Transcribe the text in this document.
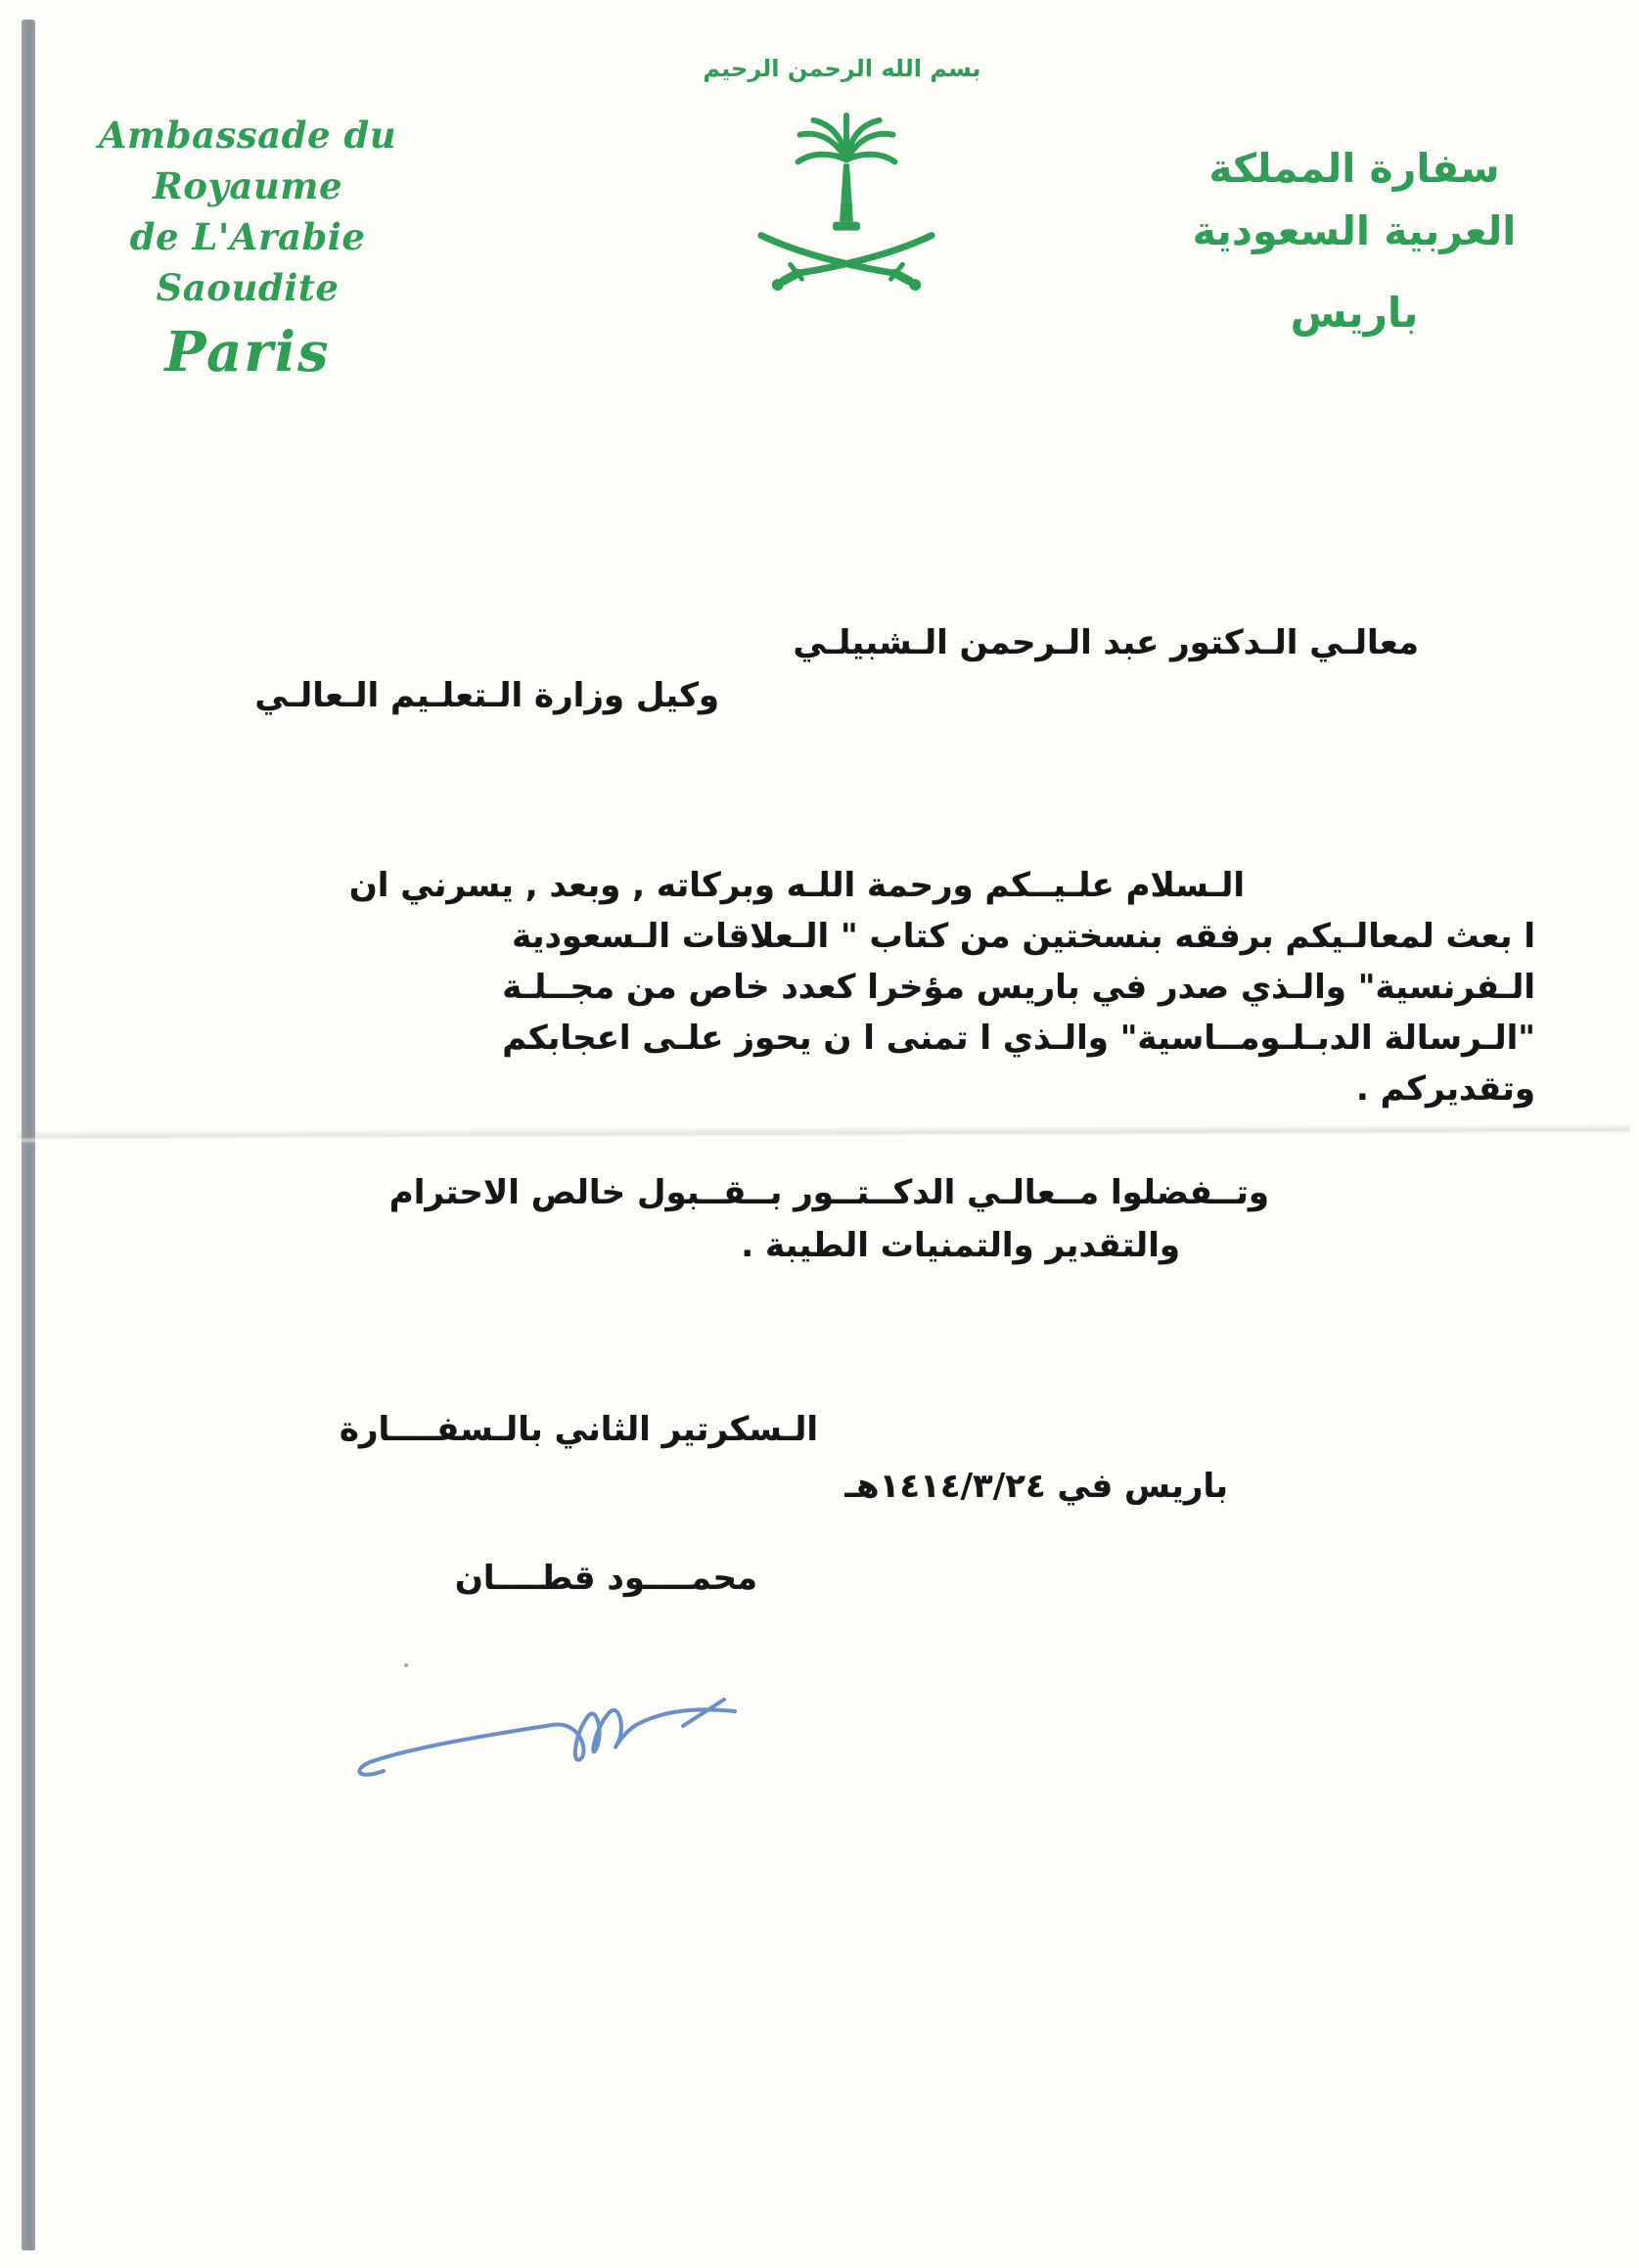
Ambassade du Royaume
de L'Arabie Saoudite
Paris
بسم الله الرحمن الرحيم
سفارة المملكة العربية السعودية
باريس
معالـي الـدكتور عبد الـرحمن الـشبيلـي
وكيل وزارة الـتعلـيم الـعالـي
الـسلام علـيــكم ورحمة اللـه وبركاته , وبعد , يسرني ان
ا بعث لمعالـيكم برفقه بنسختين من كتاب " الـعلاقات الـسعودية
الـفرنسية" والـذي صدر في باريس مؤخرا كعدد خاص من مجــلـة
"الـرسالة الدبـلـومــاسية" والـذي ا تمنى ا ن يحوز علـى اعجابكم
وتقديركم .
وتــفضلوا مــعالـي الدكــتــور بــقــبول خالص الاحترام
والتقدير والتمنيات الطيبة .
الـسكرتير الثاني بالـسفــــارة
باريس في ١٤١٤/٣/٢٤هـ
محمــــود قطــــان
